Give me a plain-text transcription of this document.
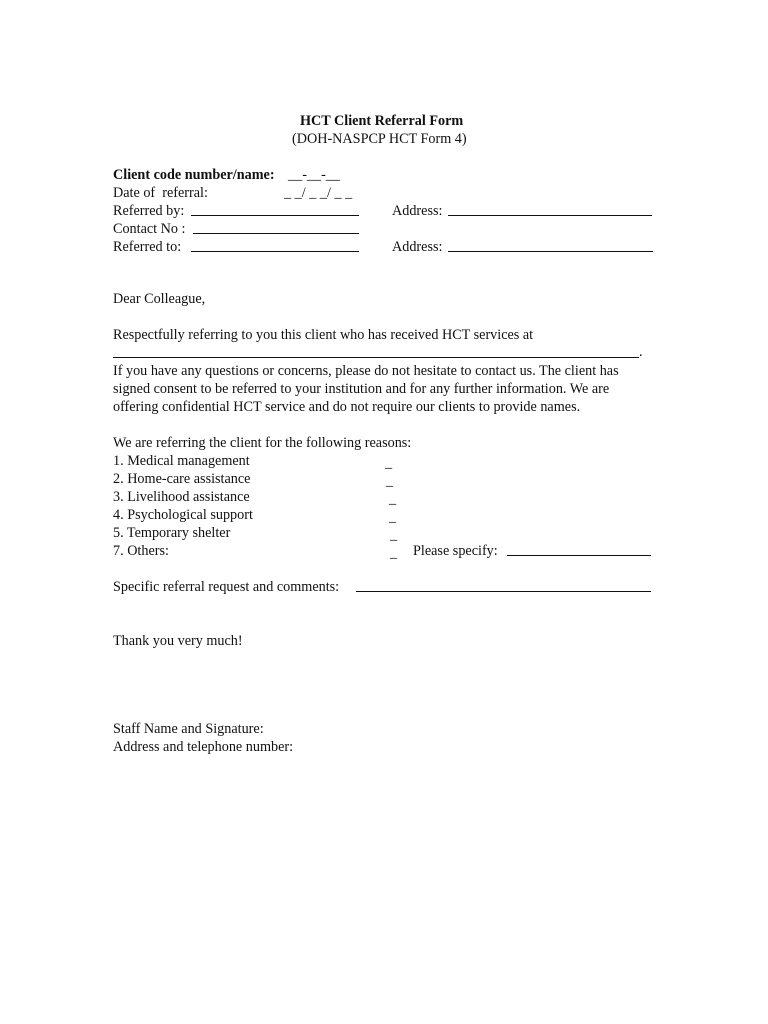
HCT Client Referral Form
(DOH-NASPCP HCT Form 4)
Client code number/name: __-__-__
Date of  referral:	_ _/ _ _/ _ _
Referred by:	Address:
Contact No :
Referred to:	Address:
Dear Colleague,
Respectfully referring to you this client who has received HCT services at
.
If you have any questions or concerns, please do not hesitate to contact us. The client has
signed consent to be referred to your institution and for any further information. We are
offering confidential HCT service and do not require our clients to provide names.
We are referring the client for the following reasons:
1. Medical management	_
2. Home-care assistance	_
3. Livelihood assistance	_
4. Psychological support	_
5. Temporary shelter	_
7. Others:	_ Please specify:
Specific referral request and comments:
Thank you very much!
Staff Name and Signature:
Address and telephone number:
